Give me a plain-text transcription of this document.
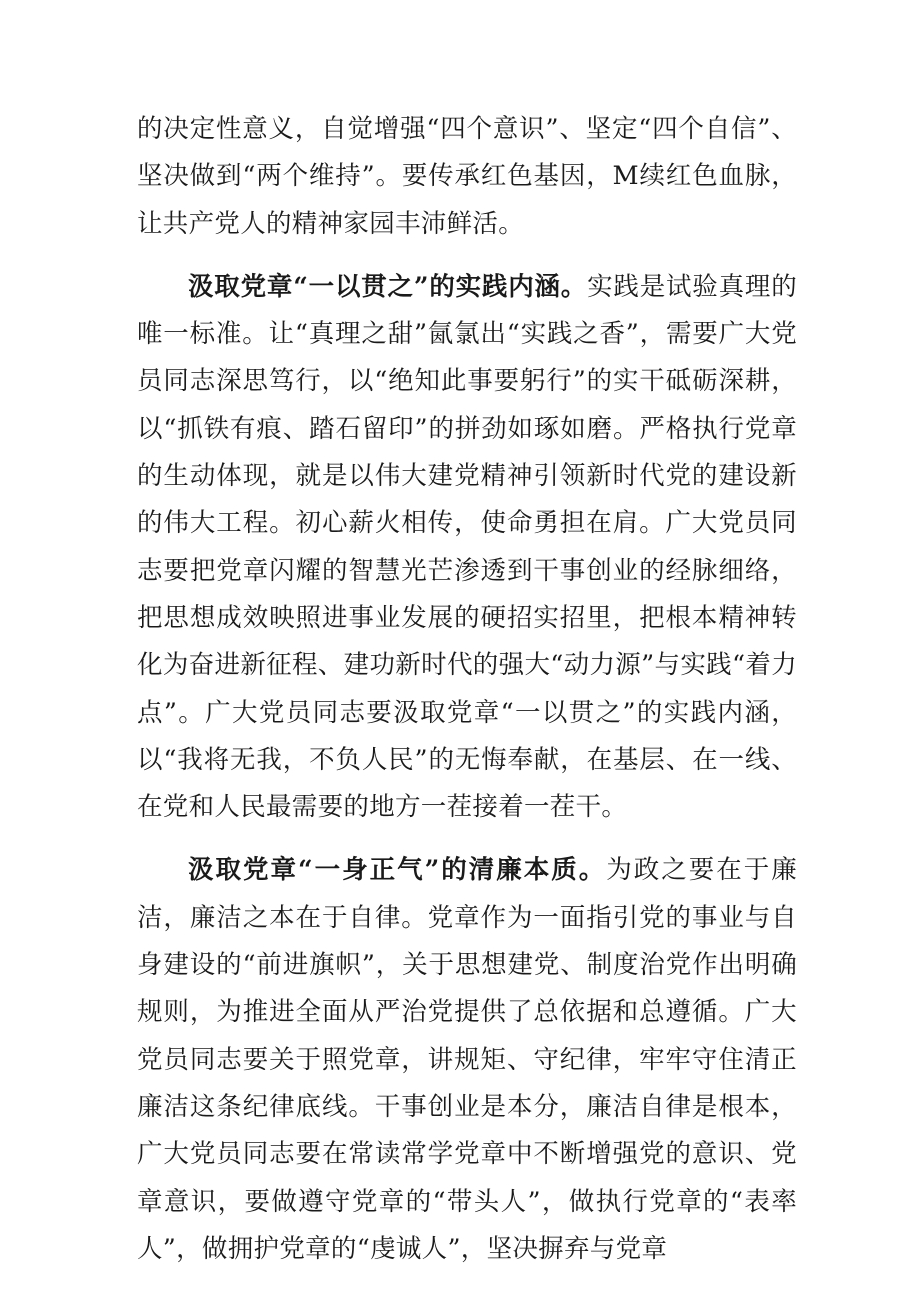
的决定性意义，自觉增强“四个意识”、坚定“四个自信”、坚决做到“两个维持”。要传承红色基因，M续红色血脉，让共产党人的精神家园丰沛鲜活。

汲取党章“一以贯之”的实践内涵。实践是试验真理的唯一标准。让“真理之甜”氤氯出“实践之香”，需要广大党员同志深思笃行，以“绝知此事要躬行”的实干砥砺深耕，以“抓铁有痕、踏石留印”的拼劲如琢如磨。严格执行党章的生动体现，就是以伟大建党精神引领新时代党的建设新的伟大工程。初心薪火相传，使命勇担在肩。广大党员同志要把党章闪耀的智慧光芒渗透到干事创业的经脉细络，把思想成效映照进事业发展的硬招实招里，把根本精神转化为奋进新征程、建功新时代的强大“动力源”与实践“着力点”。广大党员同志要汲取党章“一以贯之”的实践内涵，以“我将无我，不负人民”的无悔奉献，在基层、在一线、在党和人民最需要的地方一茬接着一茬干。

汲取党章“一身正气”的清廉本质。为政之要在于廉洁，廉洁之本在于自律。党章作为一面指引党的事业与自身建设的“前进旗帜”，关于思想建党、制度治党作出明确规则，为推进全面从严治党提供了总依据和总遵循。广大党员同志要关于照党章，讲规矩、守纪律，牢牢守住清正廉洁这条纪律底线。干事创业是本分，廉洁自律是根本，广大党员同志要在常读常学党章中不断增强党的意识、党章意识，要做遵守党章的“带头人”，做执行党章的“表率人”，做拥护党章的“虔诚人”，坚决摒弃与党章
